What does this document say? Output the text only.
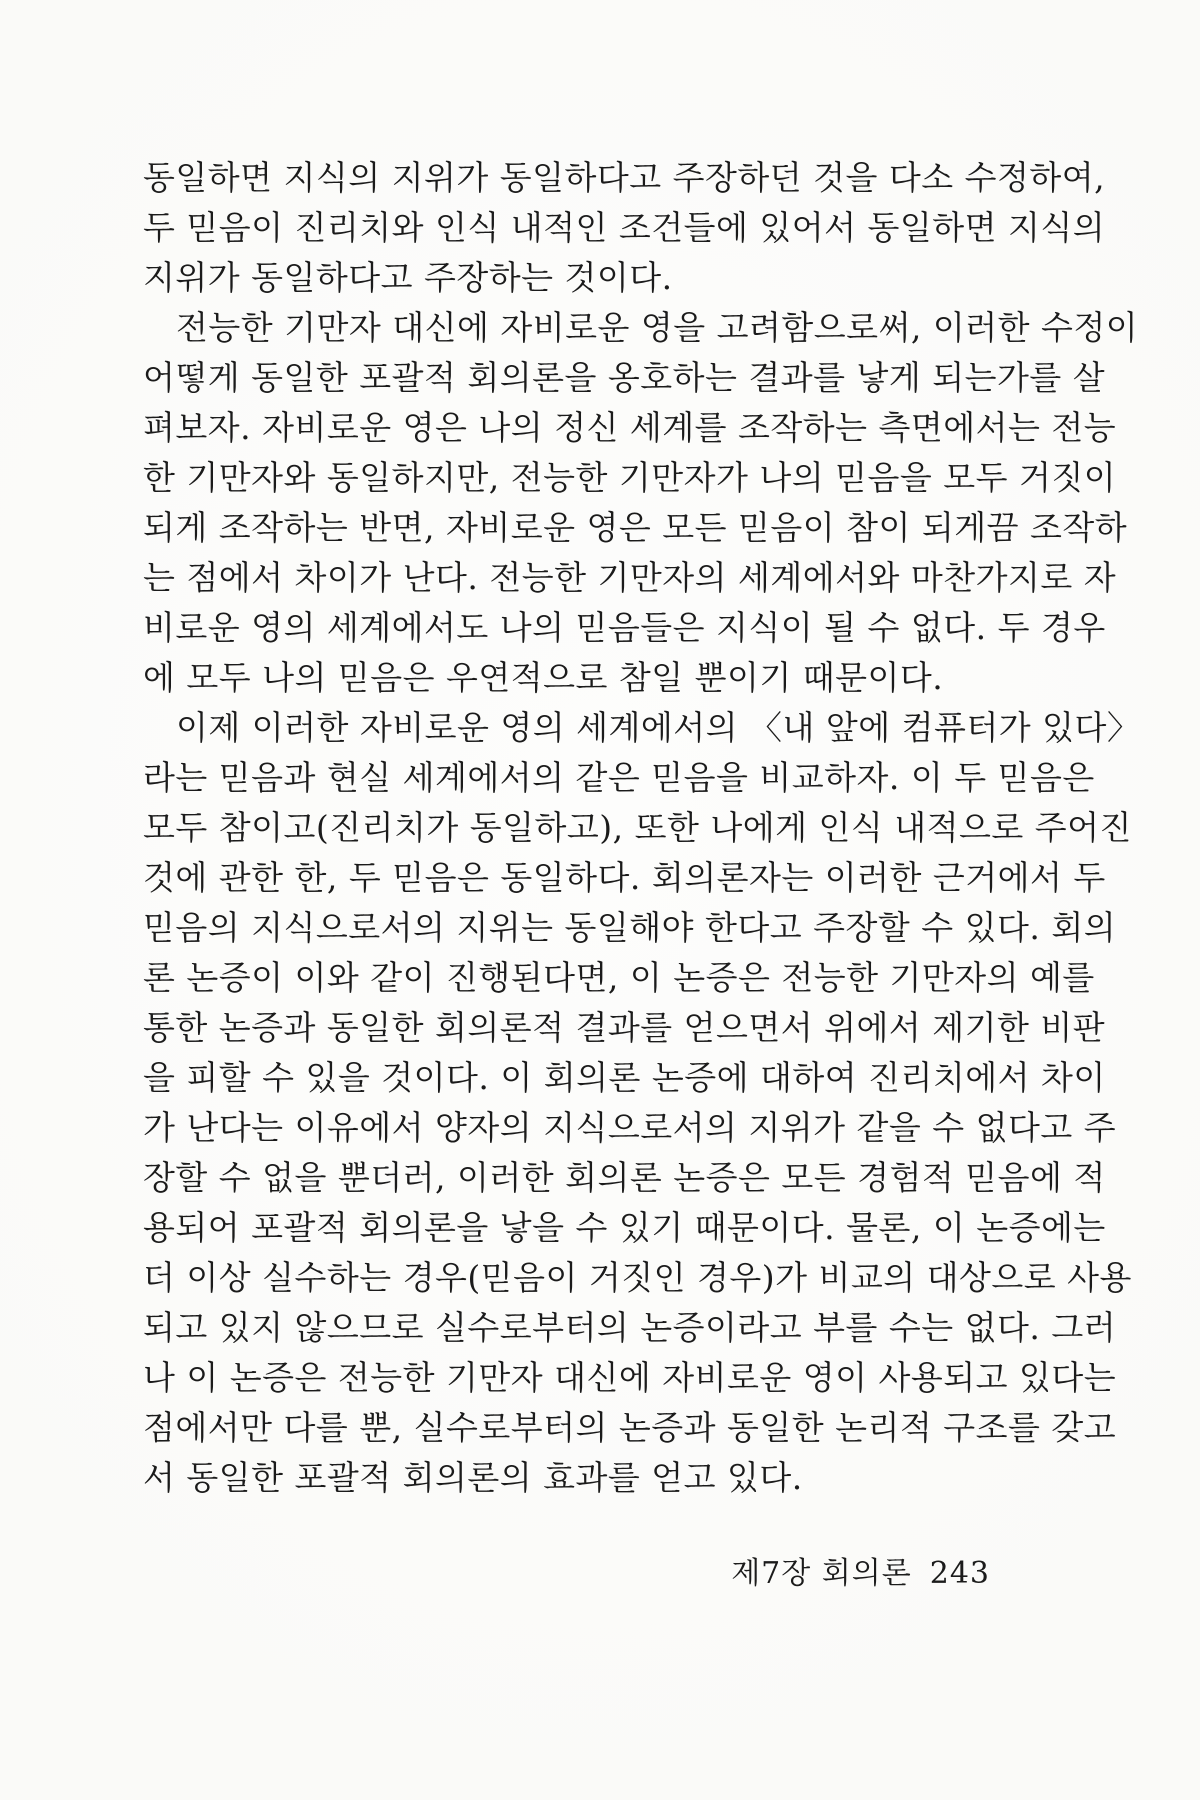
동일하면 지식의 지위가 동일하다고 주장하던 것을 다소 수정하여,
두 믿음이 진리치와 인식 내적인 조건들에 있어서 동일하면 지식의
지위가 동일하다고 주장하는 것이다.
전능한 기만자 대신에 자비로운 영을 고려함으로써, 이러한 수정이
어떻게 동일한 포괄적 회의론을 옹호하는 결과를 낳게 되는가를 살
펴보자. 자비로운 영은 나의 정신 세계를 조작하는 측면에서는 전능
한 기만자와 동일하지만, 전능한 기만자가 나의 믿음을 모두 거짓이
되게 조작하는 반면, 자비로운 영은 모든 믿음이 참이 되게끔 조작하
는 점에서 차이가 난다. 전능한 기만자의 세계에서와 마찬가지로 자
비로운 영의 세계에서도 나의 믿음들은 지식이 될 수 없다. 두 경우
에 모두 나의 믿음은 우연적으로 참일 뿐이기 때문이다.
이제 이러한 자비로운 영의 세계에서의 〈내 앞에 컴퓨터가 있다〉
라는 믿음과 현실 세계에서의 같은 믿음을 비교하자. 이 두 믿음은
모두 참이고(진리치가 동일하고), 또한 나에게 인식 내적으로 주어진
것에 관한 한, 두 믿음은 동일하다. 회의론자는 이러한 근거에서 두
믿음의 지식으로서의 지위는 동일해야 한다고 주장할 수 있다. 회의
론 논증이 이와 같이 진행된다면, 이 논증은 전능한 기만자의 예를
통한 논증과 동일한 회의론적 결과를 얻으면서 위에서 제기한 비판
을 피할 수 있을 것이다. 이 회의론 논증에 대하여 진리치에서 차이
가 난다는 이유에서 양자의 지식으로서의 지위가 같을 수 없다고 주
장할 수 없을 뿐더러, 이러한 회의론 논증은 모든 경험적 믿음에 적
용되어 포괄적 회의론을 낳을 수 있기 때문이다. 물론, 이 논증에는
더 이상 실수하는 경우(믿음이 거짓인 경우)가 비교의 대상으로 사용
되고 있지 않으므로 실수로부터의 논증이라고 부를 수는 없다. 그러
나 이 논증은 전능한 기만자 대신에 자비로운 영이 사용되고 있다는
점에서만 다를 뿐, 실수로부터의 논증과 동일한 논리적 구조를 갖고
서 동일한 포괄적 회의론의 효과를 얻고 있다.
제7장 회의론 243
